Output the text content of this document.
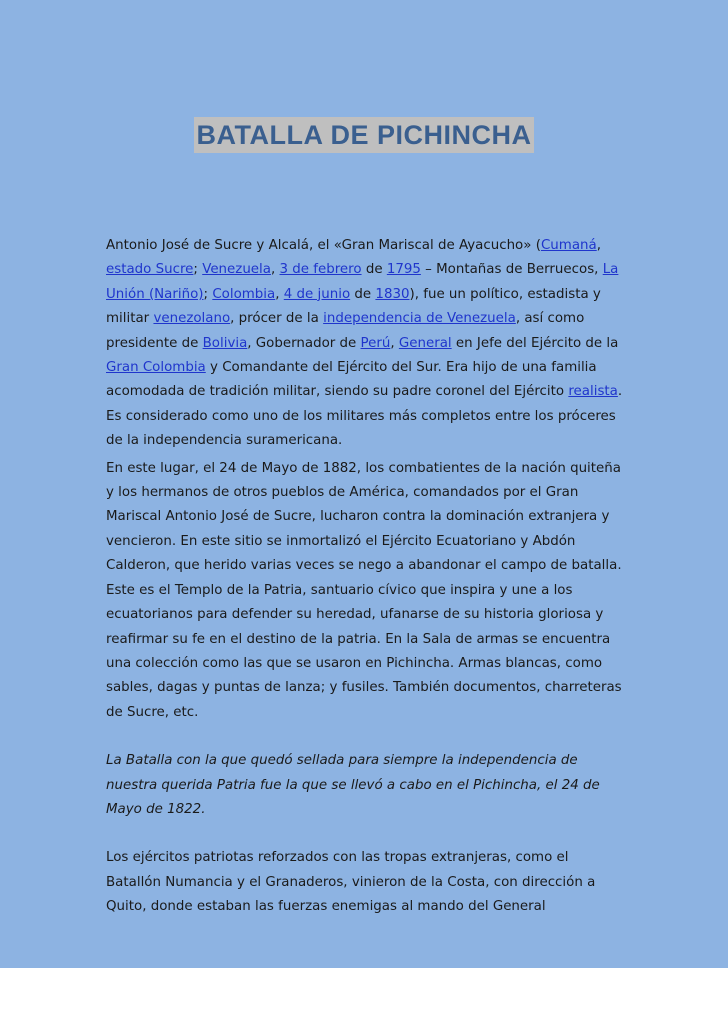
BATALLA DE PICHINCHA

Antonio José de Sucre y Alcalá, el «Gran Mariscal de Ayacucho» (Cumaná, estado Sucre; Venezuela, 3 de febrero de 1795 – Montañas de Berruecos, La Unión (Nariño); Colombia, 4 de junio de 1830), fue un político, estadista y militar venezolano, prócer de la independencia de Venezuela, así como presidente de Bolivia, Gobernador de Perú, General en Jefe del Ejército de la Gran Colombia y Comandante del Ejército del Sur. Era hijo de una familia acomodada de tradición militar, siendo su padre coronel del Ejército realista. Es considerado como uno de los militares más completos entre los próceres de la independencia suramericana.

En este lugar, el 24 de Mayo de 1882, los combatientes de la nación quiteña y los hermanos de otros pueblos de América, comandados por el Gran Mariscal Antonio José de Sucre, lucharon contra la dominación extranjera y vencieron. En este sitio se inmortalizó el Ejército Ecuatoriano y Abdón Calderon, que herido varias veces se nego a abandonar el campo de batalla.

Este es el Templo de la Patria, santuario cívico que inspira y une a los ecuatorianos para defender su heredad, ufanarse de su historia gloriosa y reafirmar su fe en el destino de la patria. En la Sala de armas se encuentra una colección como las que se usaron en Pichincha. Armas blancas, como sables, dagas y puntas de lanza; y fusiles. También documentos, charreteras de Sucre, etc.

La Batalla con la que quedó sellada para siempre la independencia de nuestra querida Patria fue la que se llevó a cabo en el Pichincha, el 24 de Mayo de 1822.

Los ejércitos patriotas reforzados con las tropas extranjeras, como el Batallón Numancia y el Granaderos, vinieron de la Costa, con dirección a Quito, donde estaban las fuerzas enemigas al mando del General
